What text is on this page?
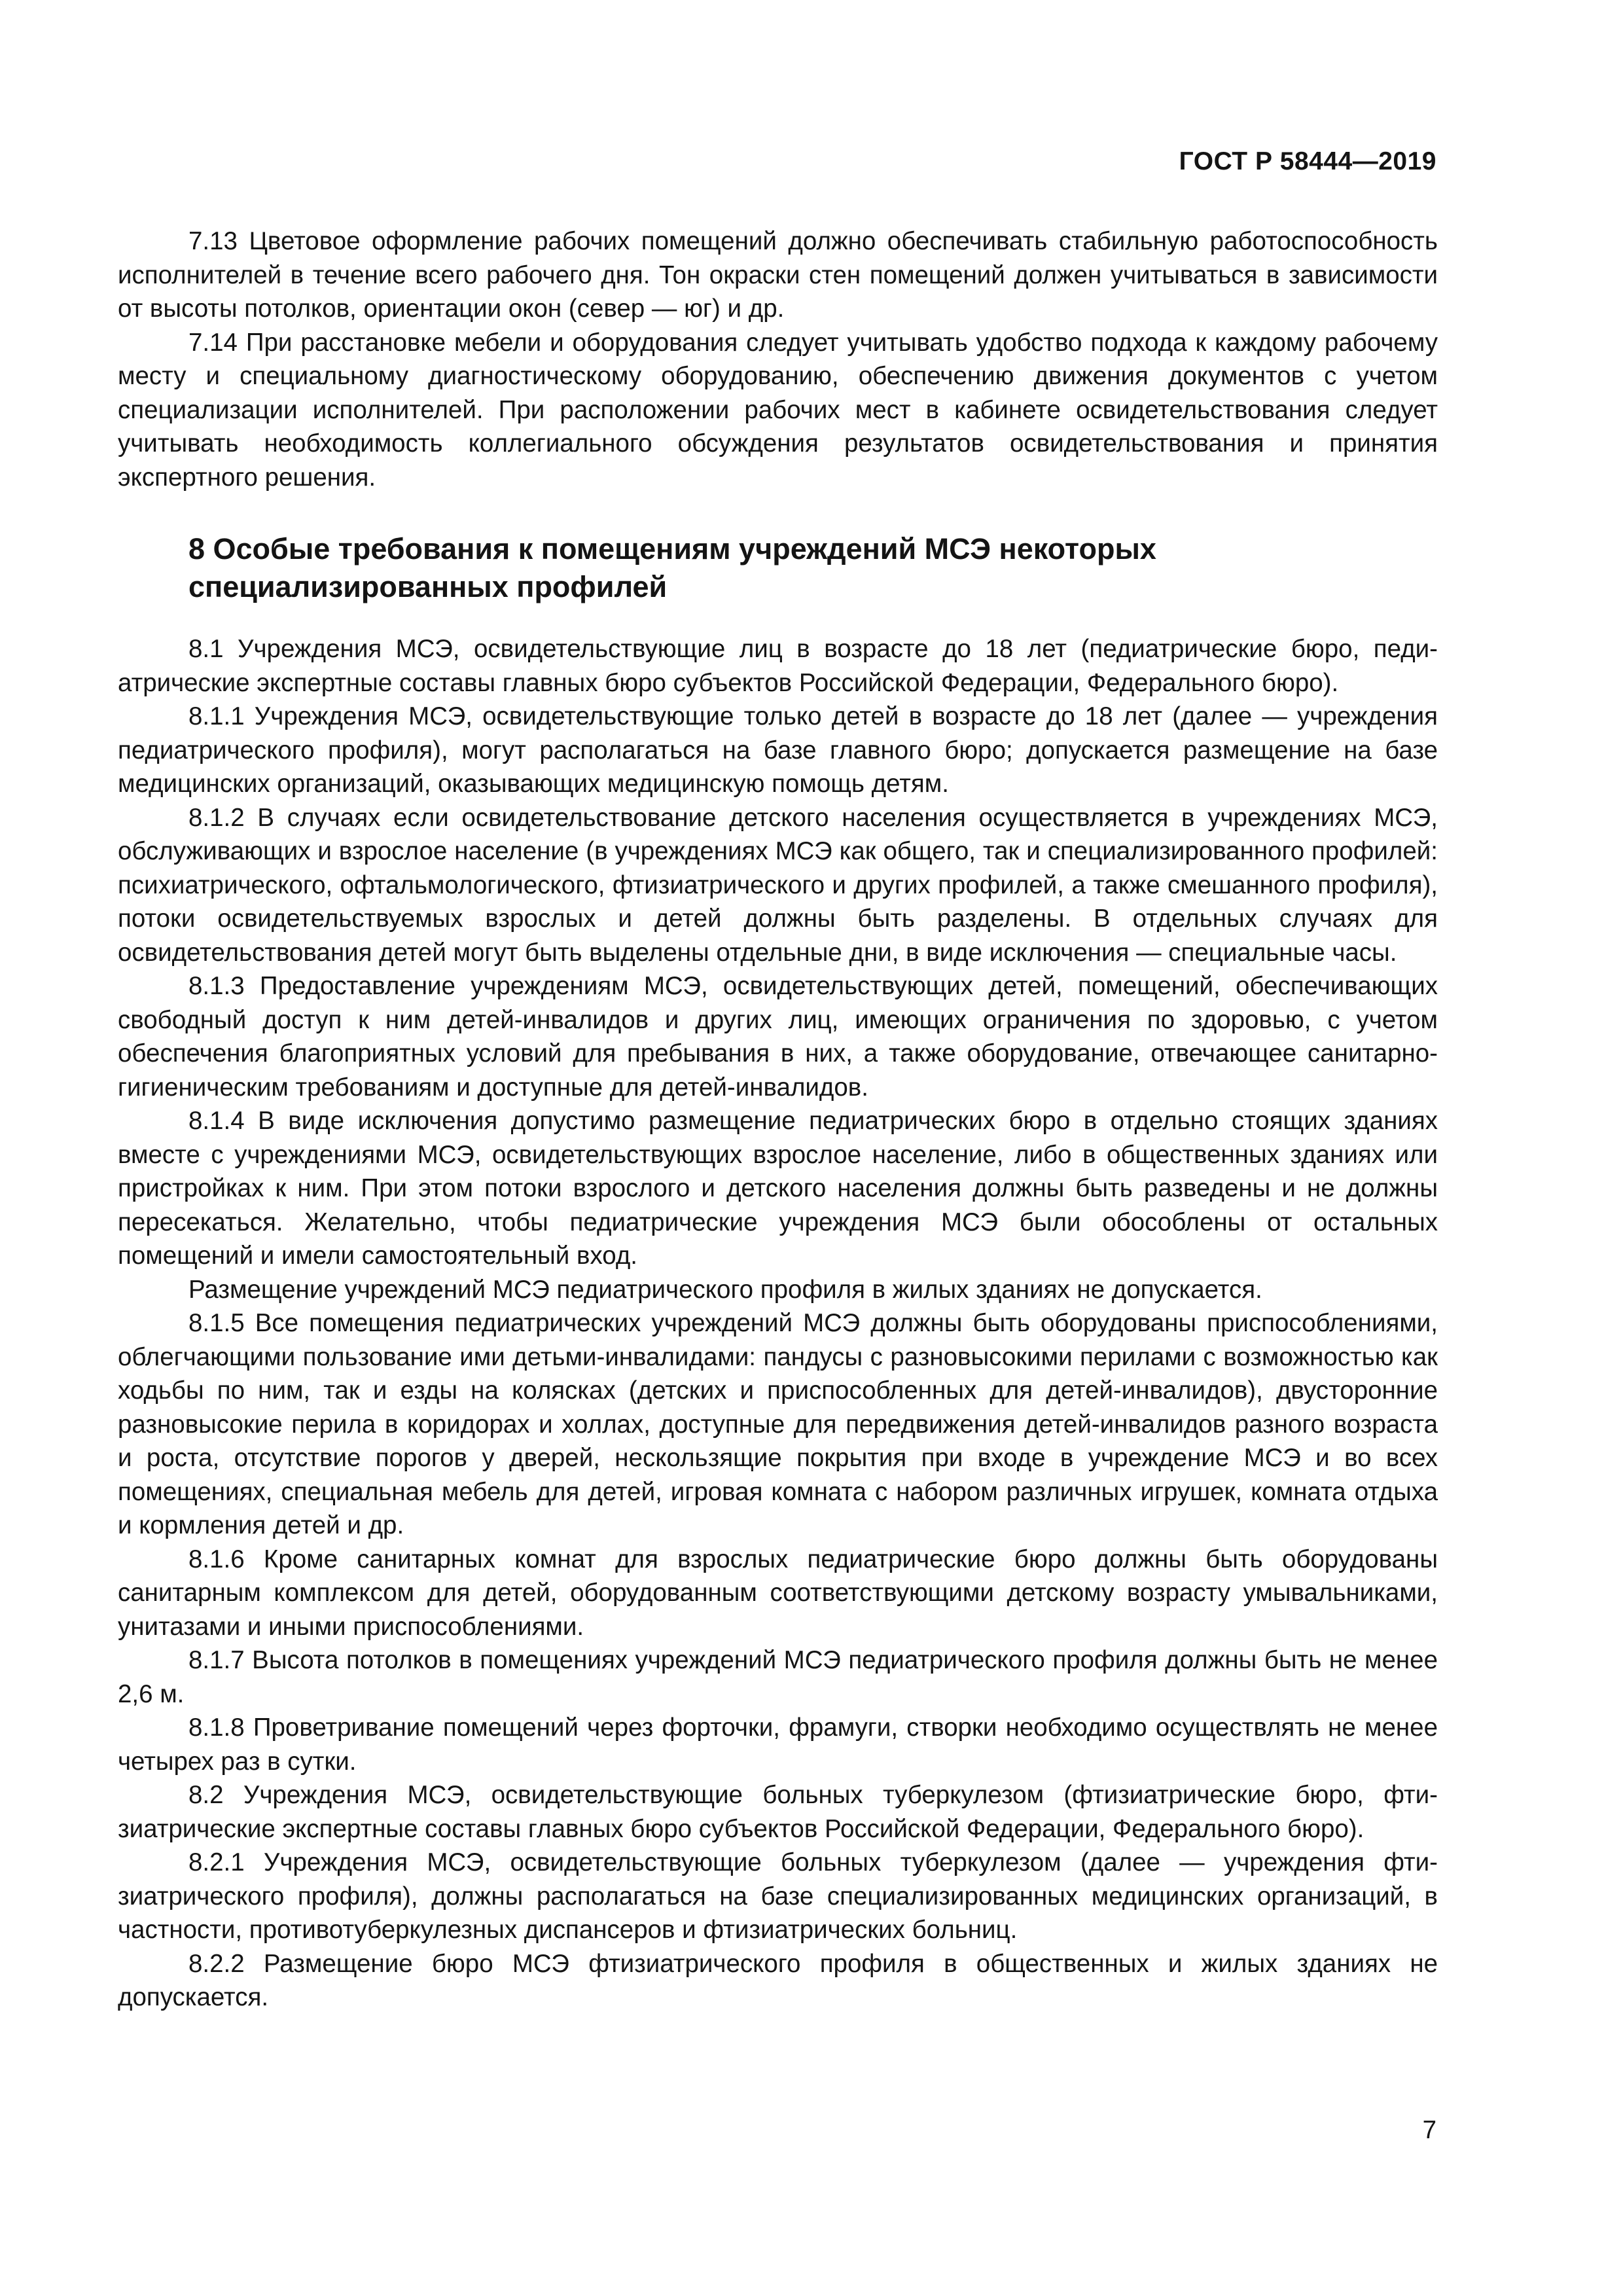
ГОСТ Р 58444—2019

7.13 Цветовое оформление рабочих помещений должно обеспечивать стабильную работоспособность исполнителей в течение всего рабочего дня. Тон окраски стен помещений должен учитываться в зависимости от высоты потолков, ориентации окон (север — юг) и др.

7.14 При расстановке мебели и оборудования следует учитывать удобство подхода к каждому рабочему месту и специальному диагностическому оборудованию, обеспечению движения документов с учетом специализации исполнителей. При расположении рабочих мест в кабинете освидетельствования следует учитывать необходимость коллегиального обсуждения результатов освидетельствования и принятия экспертного решения.

8 Особые требования к помещениям учреждений МСЭ некоторых специализированных профилей

8.1 Учреждения МСЭ, освидетельствующие лиц в возрасте до 18 лет (педиатрические бюро, педиатрические экспертные составы главных бюро субъектов Российской Федерации, Федерального бюро).

8.1.1 Учреждения МСЭ, освидетельствующие только детей в возрасте до 18 лет (далее — учреждения педиатрического профиля), могут располагаться на базе главного бюро; допускается размещение на базе медицинских организаций, оказывающих медицинскую помощь детям.

8.1.2 В случаях если освидетельствование детского населения осуществляется в учреждениях МСЭ, обслуживающих и взрослое население (в учреждениях МСЭ как общего, так и специализированного профилей: психиатрического, офтальмологического, фтизиатрического и других профилей, а также смешанного профиля), потоки освидетельствуемых взрослых и детей должны быть разделены. В отдельных случаях для освидетельствования детей могут быть выделены отдельные дни, в виде исключения — специальные часы.

8.1.3 Предоставление учреждениям МСЭ, освидетельствующих детей, помещений, обеспечивающих свободный доступ к ним детей-инвалидов и других лиц, имеющих ограничения по здоровью, с учетом обеспечения благоприятных условий для пребывания в них, а также оборудование, отвечающее санитарно-гигиеническим требованиям и доступные для детей-инвалидов.

8.1.4 В виде исключения допустимо размещение педиатрических бюро в отдельно стоящих зданиях вместе с учреждениями МСЭ, освидетельствующих взрослое население, либо в общественных зданиях или пристройках к ним. При этом потоки взрослого и детского населения должны быть разведены и не должны пересекаться. Желательно, чтобы педиатрические учреждения МСЭ были обособлены от остальных помещений и имели самостоятельный вход.

Размещение учреждений МСЭ педиатрического профиля в жилых зданиях не допускается.

8.1.5 Все помещения педиатрических учреждений МСЭ должны быть оборудованы приспособлениями, облегчающими пользование ими детьми-инвалидами: пандусы с разновысокими перилами с возможностью как ходьбы по ним, так и езды на колясках (детских и приспособленных для детей-инвалидов), двусторонние разновысокие перила в коридорах и холлах, доступные для передвижения детей-инвалидов разного возраста и роста, отсутствие порогов у дверей, нескользящие покрытия при входе в учреждение МСЭ и во всех помещениях, специальная мебель для детей, игровая комната с набором различных игрушек, комната отдыха и кормления детей и др.

8.1.6 Кроме санитарных комнат для взрослых педиатрические бюро должны быть оборудованы санитарным комплексом для детей, оборудованным соответствующими детскому возрасту умывальниками, унитазами и иными приспособлениями.

8.1.7 Высота потолков в помещениях учреждений МСЭ педиатрического профиля должны быть не менее 2,6 м.

8.1.8 Проветривание помещений через форточки, фрамуги, створки необходимо осуществлять не менее четырех раз в сутки.

8.2 Учреждения МСЭ, освидетельствующие больных туберкулезом (фтизиатрические бюро, фтизиатрические экспертные составы главных бюро субъектов Российской Федерации, Федерального бюро).

8.2.1 Учреждения МСЭ, освидетельствующие больных туберкулезом (далее — учреждения фтизиатрического профиля), должны располагаться на базе специализированных медицинских организаций, в частности, противотуберкулезных диспансеров и фтизиатрических больниц.

8.2.2 Размещение бюро МСЭ фтизиатрического профиля в общественных и жилых зданиях не допускается.

7
